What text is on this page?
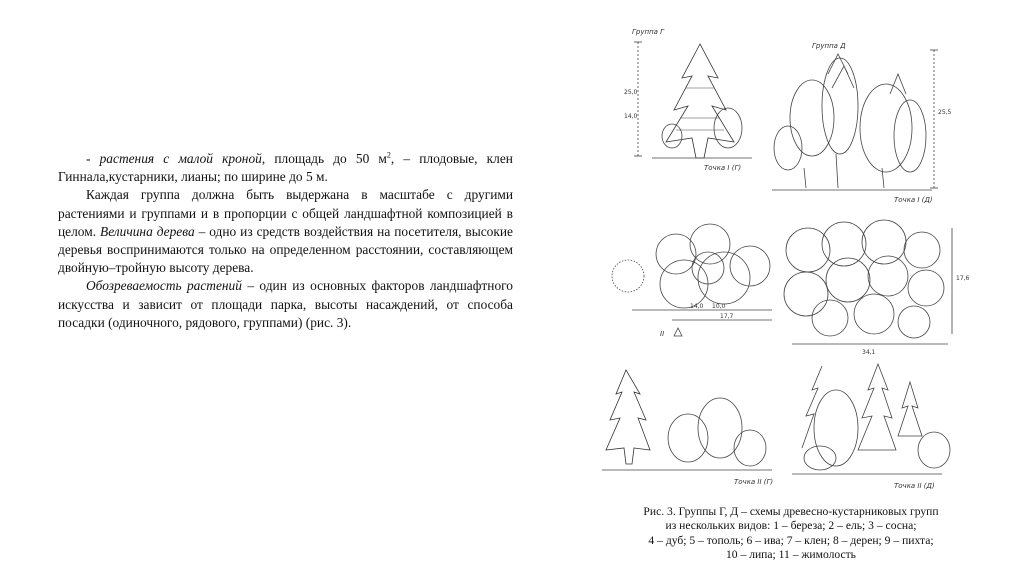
- растения с малой кроной, площадь до 50 $м^2$, – плодовые, клен Гиннала,кустарники, лианы; по ширине до 5 м.

Каждая группа должна быть выдержана в масштабе с другими растениями и группами и в пропорции с общей ландшафтной композицией в целом. Величина дерева – одно из средств воздействия на посетителя, высокие деревья воспринимаются только на определенном расстоянии, составляющем двойную–тройную высоту дерева.

Обозреваемость растений – один из основных факторов ландшафтного искусства и зависит от площади парка, высоты насаждений, от способа посадки (одиночного, рядового, группами) (рис. 3).

Группа Г
Группа Д
25,0
14,0
25,5
Точка I (Г)
Точка I (Д)
14,0 10,0
17,7
17,6
34,1
II
Точка II (Г)	Точка II (Д)
Рис. 3. Группы Г, Д – схемы древесно-кустарниковых групп
из нескольких видов: 1 – береза; 2 – ель; 3 – сосна;
4 – дуб; 5 – тополь; 6 – ива; 7 – клен; 8 – дерен; 9 – пихта;
10 – липа; 11 – жимолость
